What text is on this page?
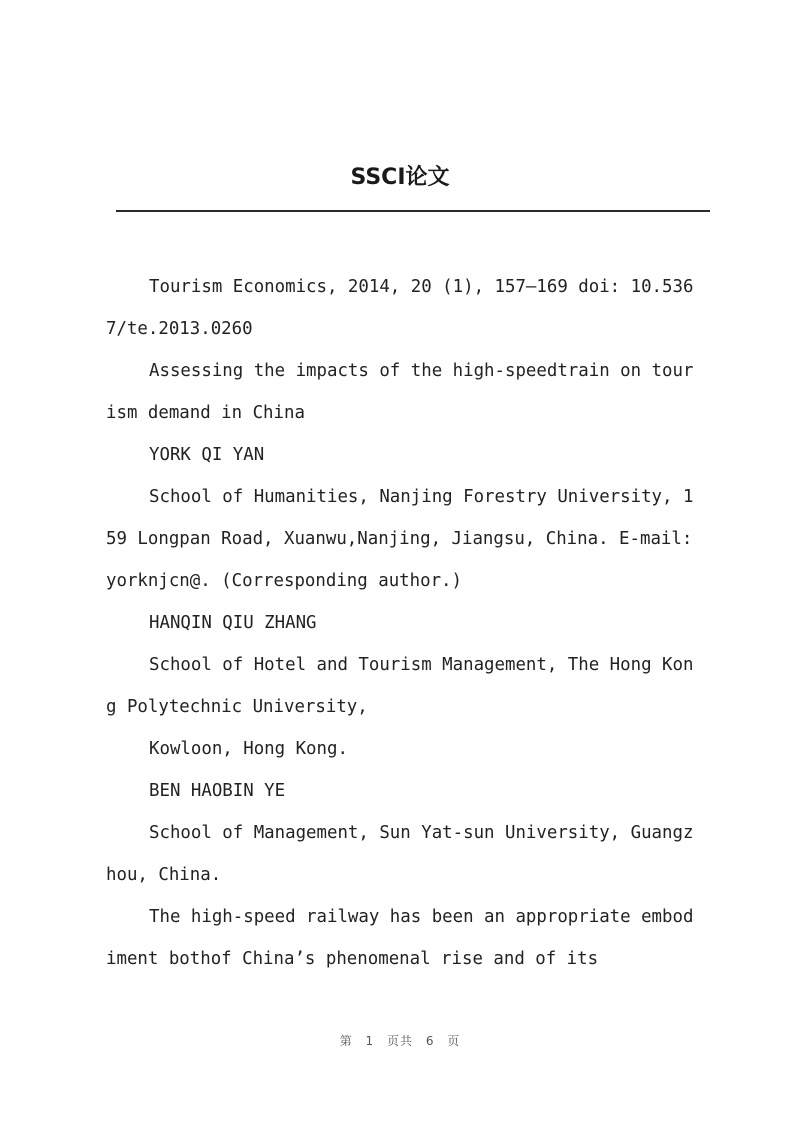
SSCI论文

Tourism Economics, 2014, 20 (1), 157–169 doi: 10.5367/te.2013.0260

Assessing the impacts of the high-speedtrain on tourism demand in China

YORK QI YAN

School of Humanities, Nanjing Forestry University, 159 Longpan Road, Xuanwu,Nanjing, Jiangsu, China. E-mail: yorknjcn@. (Corresponding author.)

HANQIN QIU ZHANG

School of Hotel and Tourism Management, The Hong Kong Polytechnic University,

Kowloon, Hong Kong.

BEN HAOBIN YE

School of Management, Sun Yat-sun University, Guangzhou, China.

The high-speed railway has been an appropriate embodiment bothof China’s phenomenal rise and of its

第 1 页共 6 页
